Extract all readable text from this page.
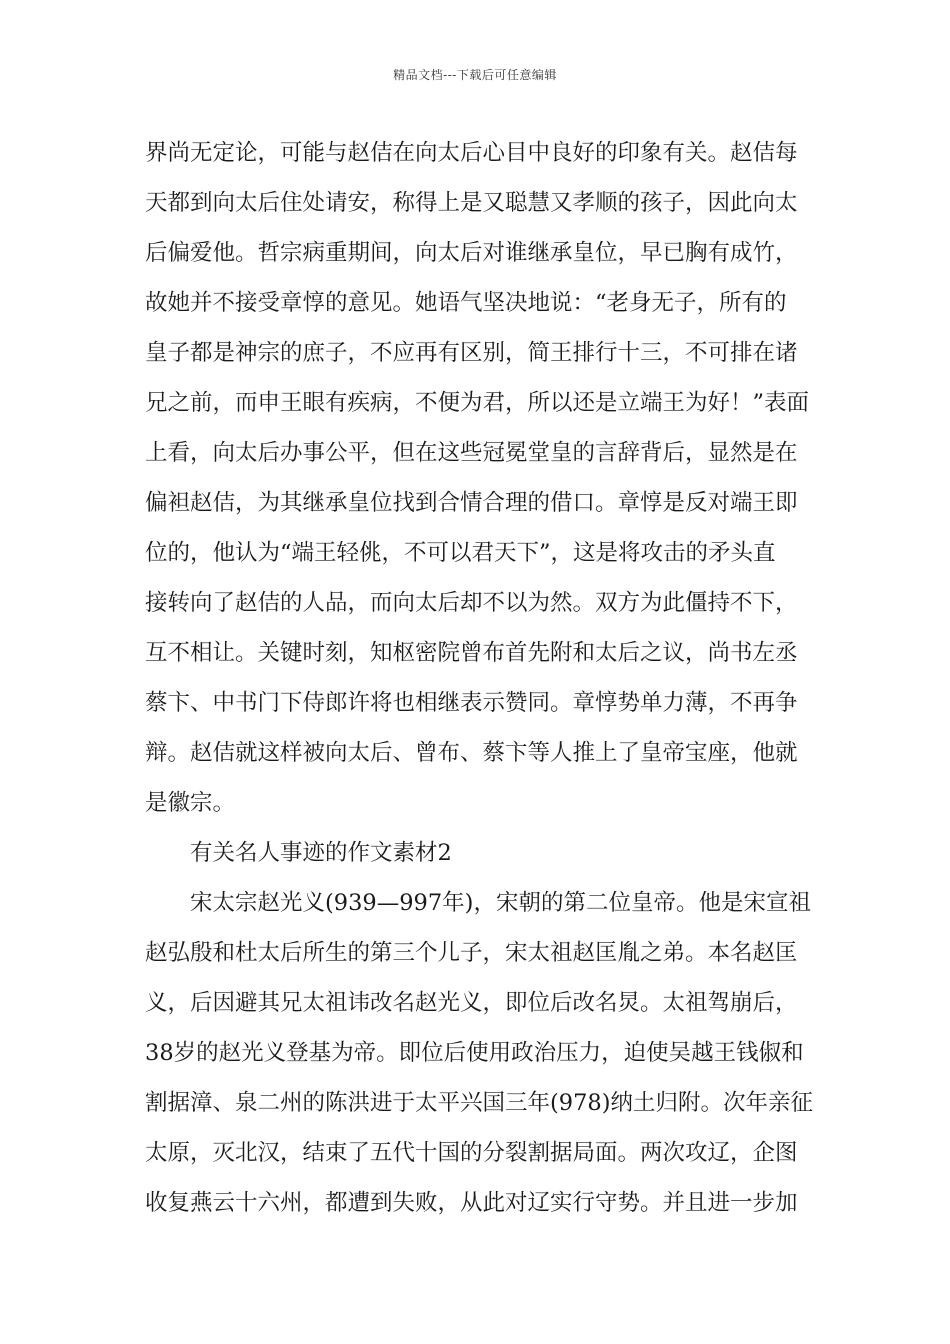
精品文档---下载后可任意编辑
界尚无定论，可能与赵佶在向太后心目中良好的印象有关。赵佶每
天都到向太后住处请安，称得上是又聪慧又孝顺的孩子，因此向太
后偏爱他。哲宗病重期间，向太后对谁继承皇位，早已胸有成竹，
故她并不接受章惇的意见。她语气坚决地说：“老身无子，所有的
皇子都是神宗的庶子，不应再有区别，简王排行十三，不可排在诸
兄之前，而申王眼有疾病，不便为君，所以还是立端王为好！”表面
上看，向太后办事公平，但在这些冠冕堂皇的言辞背后，显然是在
偏袒赵佶，为其继承皇位找到合情合理的借口。章惇是反对端王即
位的，他认为“端王轻佻，不可以君天下”，这是将攻击的矛头直
接转向了赵佶的人品，而向太后却不以为然。双方为此僵持不下，
互不相让。关键时刻，知枢密院曾布首先附和太后之议，尚书左丞
蔡卞、中书门下侍郎许将也相继表示赞同。章惇势单力薄，不再争
辩。赵佶就这样被向太后、曾布、蔡卞等人推上了皇帝宝座，他就
是徽宗。
有关名人事迹的作文素材2
宋太宗赵光义(939—997年)，宋朝的第二位皇帝。他是宋宣祖
赵弘殷和杜太后所生的第三个儿子，宋太祖赵匡胤之弟。本名赵匡
义，后因避其兄太祖讳改名赵光义，即位后改名炅。太祖驾崩后，
38岁的赵光义登基为帝。即位后使用政治压力，迫使吴越王钱俶和
割据漳、泉二州的陈洪进于太平兴国三年(978)纳土归附。次年亲征
太原，灭北汉，结束了五代十国的分裂割据局面。两次攻辽，企图
收复燕云十六州，都遭到失败，从此对辽实行守势。并且进一步加
